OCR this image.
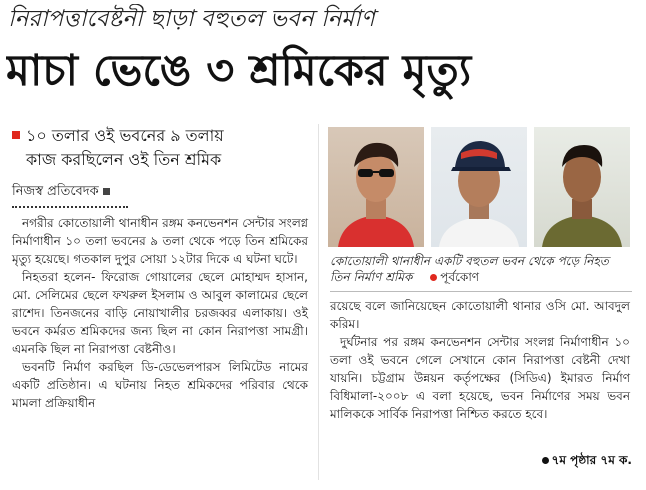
নিরাপত্তাবেষ্টনী ছাড়া বহুতল ভবন নির্মাণ
মাচা ভেঙে ৩ শ্রমিকের মৃত্যু
১০ তলার ওই ভবনের ৯ তলায়
কাজ করছিলেন ওই তিন শ্রমিক
নিজস্ব প্রতিবেদক

নগরীর কোতোয়ালী থানাধীন রঙ্গম কনভেনশন সেন্টার সংলগ্ন নির্মাণাধীন ১০ তলা ভবনের ৯ তলা থেকে পড়ে তিন শ্রমিকের মৃত্যু হয়েছে। গতকাল দুপুর সোয়া ১২টার দিকে এ ঘটনা ঘটে।

নিহতরা হলেন- ফিরোজ গোয়ালের ছেলে মোহাম্মদ হাসান, মো. সেলিমের ছেলে ফখরুল ইসলাম ও আবুল কালামের ছেলে রাশেদ। তিনজনের বাড়ি নোয়াখালীর চরজব্বর এলাকায়। ওই ভবনে কর্মরত শ্রমিকদের জন্য ছিল না কোন নিরাপত্তা সামগ্রী। এমনকি ছিল না নিরাপত্তা বেষ্টনীও।

ভবনটি নির্মাণ করছিল ডি-ডেভেলপারস লিমিটেড নামের একটি প্রতিষ্ঠান। এ ঘটনায় নিহত শ্রমিকদের পরিবার থেকে মামলা প্রক্রিয়াধীন

কোতোয়ালী থানাধীন একটি বহুতল ভবন থেকে পড়ে নিহত তিন নির্মাণ শ্রমিক পূর্বকোণ

রয়েছে বলে জানিয়েছেন কোতোয়ালী থানার ওসি মো. আবদুল করিম।

দুর্ঘটনার পর রঙ্গম কনভেনশন সেন্টার সংলগ্ন নির্মাণাধীন ১০ তলা ওই ভবনে গেলে সেখানে কোন নিরাপত্তা বেষ্টনী দেখা যায়নি। চট্টগ্রাম উন্নয়ন কর্তৃপক্ষের (সিডিএ) ইমারত নির্মাণ বিধিমালা-২০০৮ এ বলা হয়েছে, ভবন নির্মাণের সময় ভবন মালিককে সার্বিক নিরাপত্তা নিশ্চিত করতে হবে।

৭ম পৃষ্ঠার ৭ম ক.
